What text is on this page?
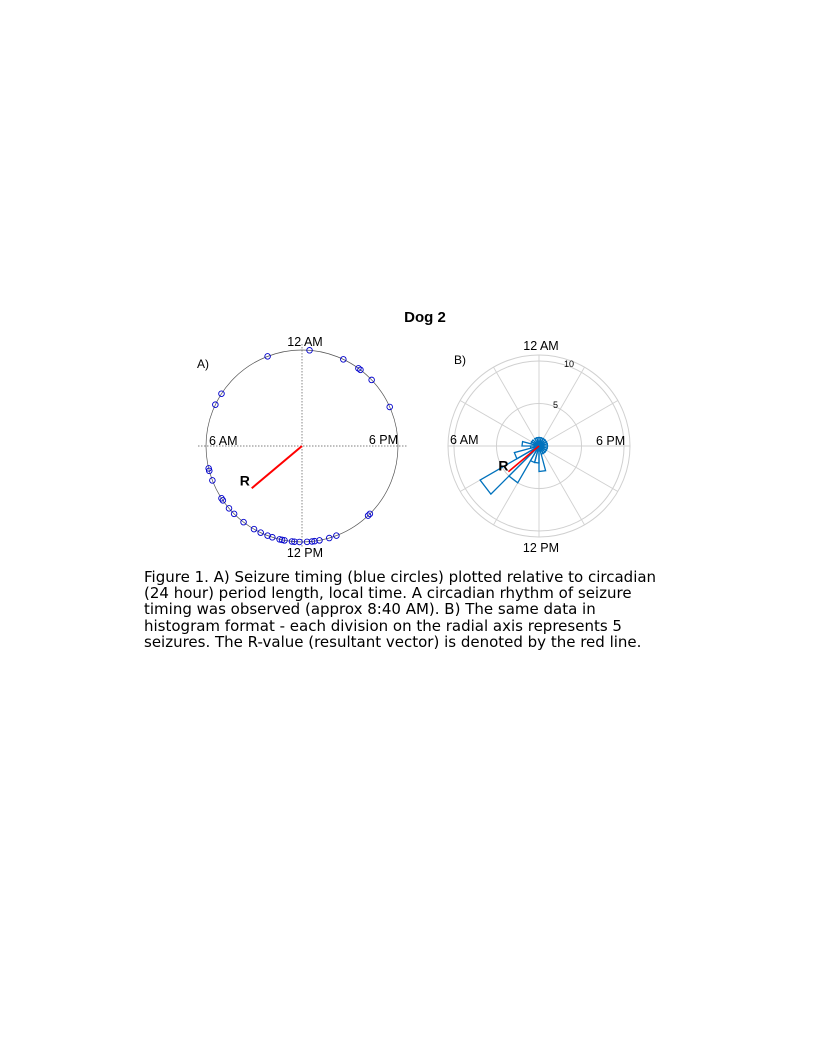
Dog 2
A)
12 AM
6 AM	6 PM
12 PM
R
B)
12 AM
6 AM	6 PM
12 PM
5
10
R

Figure 1. A) Seizure timing (blue circles) plotted relative to circadian
(24 hour) period length, local time. A circadian rhythm of seizure
timing was observed (approx 8:40 AM). B) The same data in
histogram format - each division on the radial axis represents 5
seizures. The R-value (resultant vector) is denoted by the red line.
